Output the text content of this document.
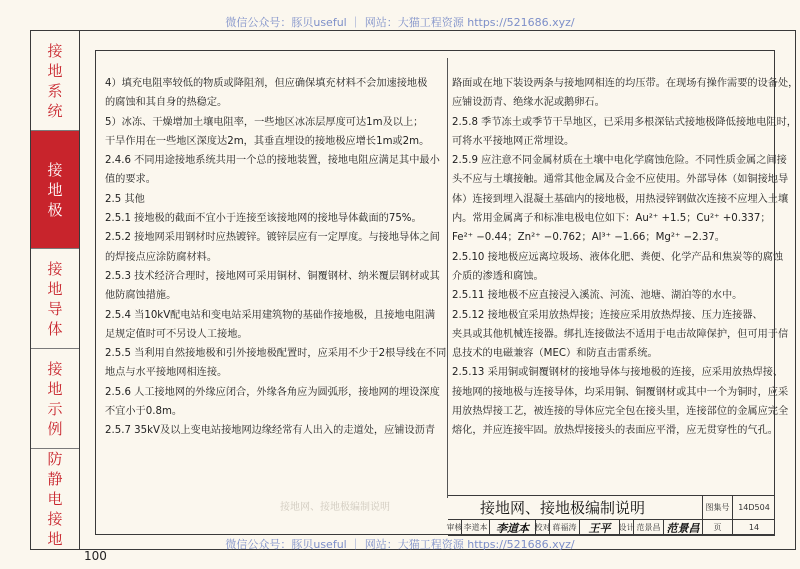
微信公众号：豚贝useful ｜ 网站：大猫工程资源 https://521686.xyz/
接
地
系
统
接
地
极
接
地
导
体
接
地
示
例
防
静
电
接
地

4）填充电阻率较低的物质或降阻剂，但应确保填充材料不会加速接地极

的腐蚀和其自身的热稳定。

5）冰冻、干燥增加土壤电阻率，一些地区冰冻层厚度可达1m及以上；

干旱作用在一些地区深度达2m，其垂直埋设的接地极应增长1m或2m。

2.4.6 不同用途接地系统共用一个总的接地装置，接地电阻应满足其中最小

值的要求。

2.5 其他

2.5.1 接地极的截面不宜小于连接至该接地网的接地导体截面的75%。

2.5.2 接地网采用钢材时应热镀锌。镀锌层应有一定厚度。与接地导体之间

的焊接点应涂防腐材料。

2.5.3 技术经济合理时，接地网可采用铜材、铜覆钢材、纳米覆层钢材或其

他防腐蚀措施。

2.5.4 当10kV配电站和变电站采用建筑物的基础作接地极，且接地电阻满

足规定值时可不另设人工接地。

2.5.5 当利用自然接地极和引外接地极配置时，应采用不少于2根导线在不同

地点与水平接地网相连接。

2.5.6 人工接地网的外缘应闭合，外缘各角应为圆弧形，接地网的埋设深度

不宜小于0.8m。

2.5.7 35kV及以上变电站接地网边缘经常有人出入的走道处，应铺设沥青

路面或在地下装设两条与接地网相连的均压带。在现场有操作需要的设备处，

应铺设沥青、绝缘水泥或鹅卵石。

2.5.8 季节冻土或季节干旱地区，已采用多根深钻式接地极降低接地电阻时，

可将水平接地网正常埋设。

2.5.9 应注意不同金属材质在土壤中电化学腐蚀危险。不同性质金属之间接

头不应与土壤接触。通常其他金属及合金不应使用。外部导体（如铜接地导

体）连接到埋入混凝土基础内的接地极，用热浸锌钢做次连接不应埋入土壤

内。常用金属离子和标准电极电位如下：Au²⁺ +1.5；Cu²⁺ +0.337；

Fe²⁺ −0.44；Zn²⁺ −0.762；Al³⁺ −1.66；Mg²⁺ −2.37。

2.5.10 接地极应远离垃圾场、液体化肥、粪便、化学产品和焦炭等的腐蚀

介质的渗透和腐蚀。

2.5.11 接地极不应直接浸入溪流、河流、池塘、湖泊等的水中。

2.5.12 接地极宜采用放热焊接；连接应采用放热焊接、压力连接器、

夹具或其他机械连接器。绑扎连接做法不适用于电击故障保护，但可用于信

息技术的电磁兼容（MEC）和防直击雷系统。

2.5.13 采用铜或铜覆钢材的接地导体与接地极的连接，应采用放热焊接、

接地网的接地极与连接导体，均采用铜、铜覆钢材或其中一个为铜时，应采

用放热焊接工艺，被连接的导体应完全包在接头里，连接部位的金属应完全

熔化，并应连接牢固。放热焊接接头的表面应平滑，应无贯穿性的气孔。

接地网、接地极编制说明	接地网、接地极编制说明	图集号	14D504
审核 李道本 李道本 校对 蒋福涛	王平	设计 范景昌 范景昌	页	14
微信公众号：豚贝useful ｜ 网站：大猫工程资源 https://521686.xyz/
100
